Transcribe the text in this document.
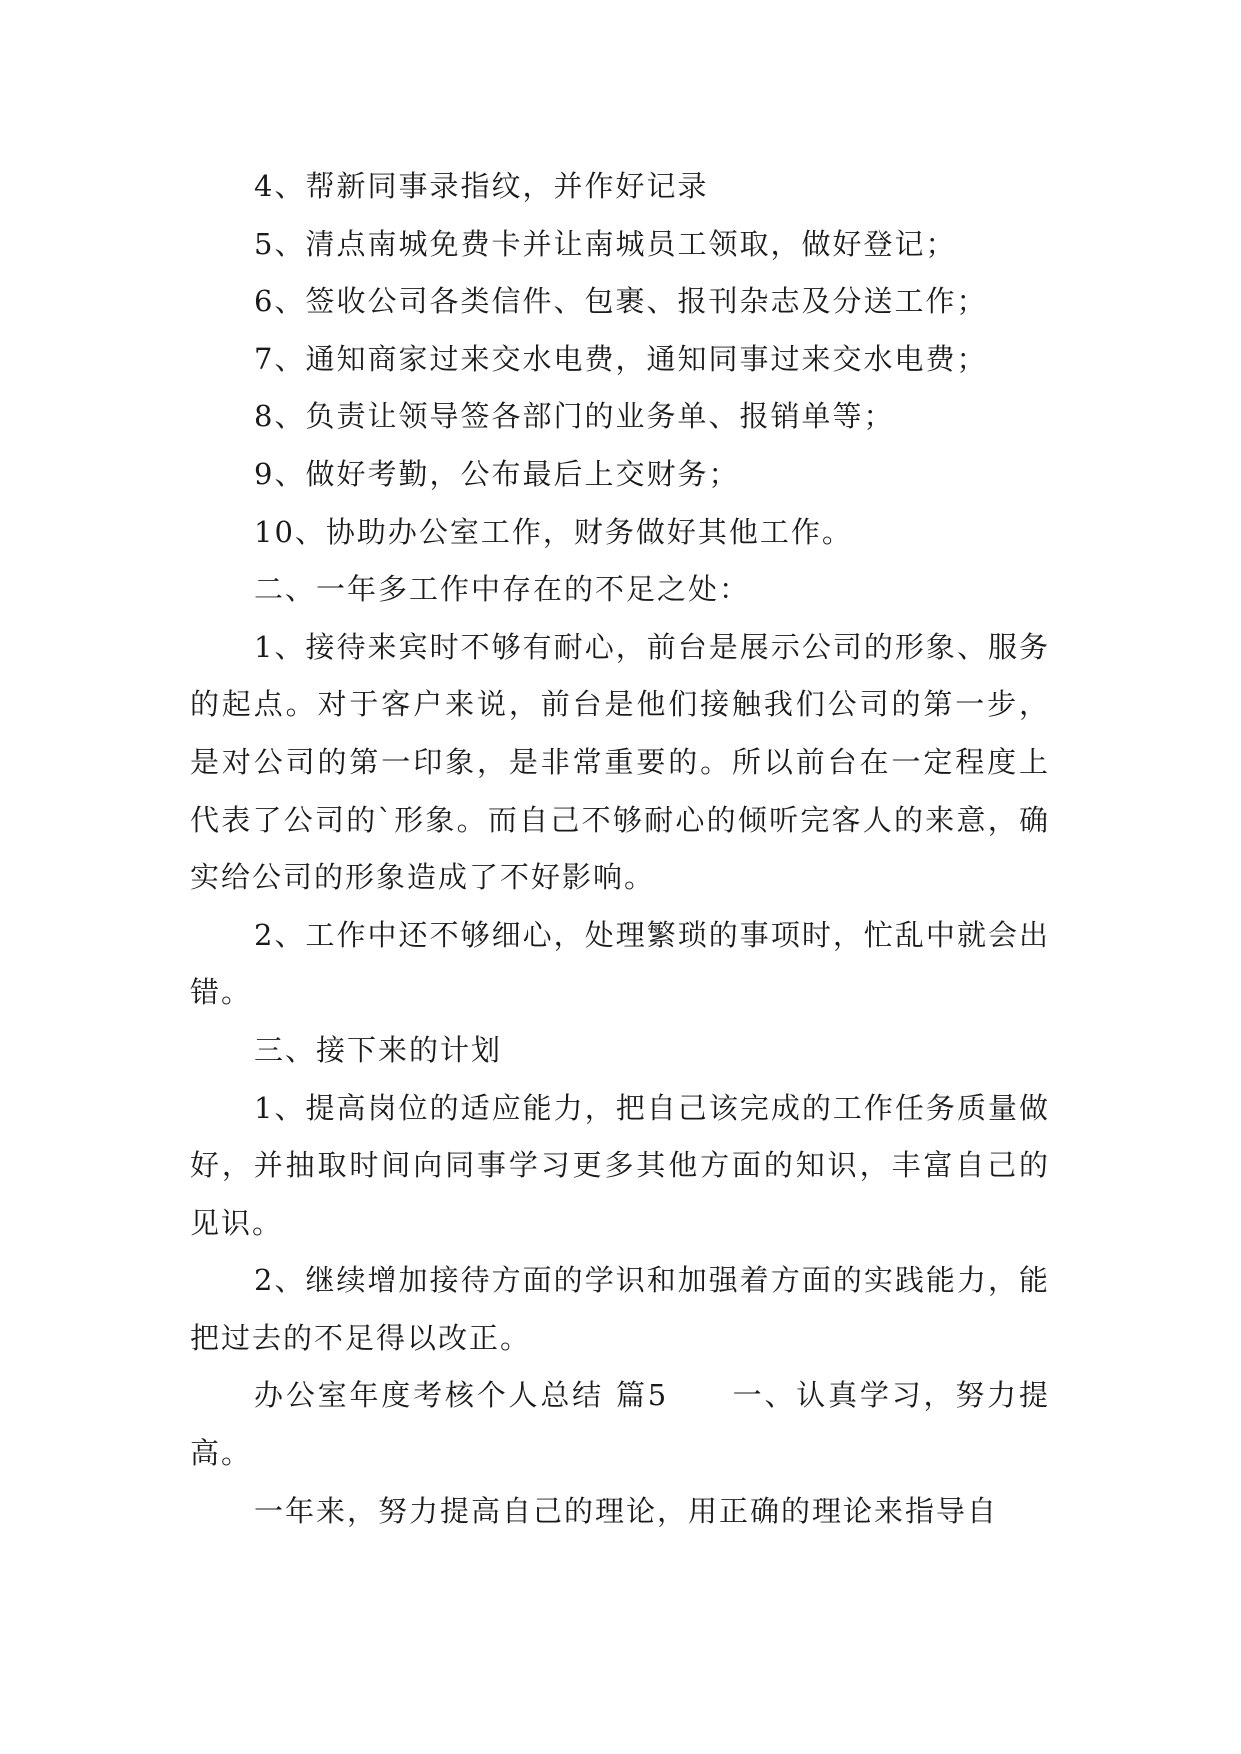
4、帮新同事录指纹，并作好记录

5、清点南城免费卡并让南城员工领取，做好登记；

6、签收公司各类信件、包裹、报刊杂志及分送工作；

7、通知商家过来交水电费，通知同事过来交水电费；

8、负责让领导签各部门的业务单、报销单等；

9、做好考勤，公布最后上交财务；

10、协助办公室工作，财务做好其他工作。

二、一年多工作中存在的不足之处：

1、接待来宾时不够有耐心，前台是展示公司的形象、服务的起点。对于客户来说，前台是他们接触我们公司的第一步，是对公司的第一印象，是非常重要的。所以前台在一定程度上代表了公司的`形象。而自己不够耐心的倾听完客人的来意，确实给公司的形象造成了不好影响。

2、工作中还不够细心，处理繁琐的事项时，忙乱中就会出错。

三、接下来的计划

1、提高岗位的适应能力，把自己该完成的工作任务质量做好，并抽取时间向同事学习更多其他方面的知识，丰富自己的见识。

2、继续增加接待方面的学识和加强着方面的实践能力，能把过去的不足得以改正。

办公室年度考核个人总结 篇5　　一、认真学习，努力提高。

一年来，努力提高自己的理论，用正确的理论来指导自
